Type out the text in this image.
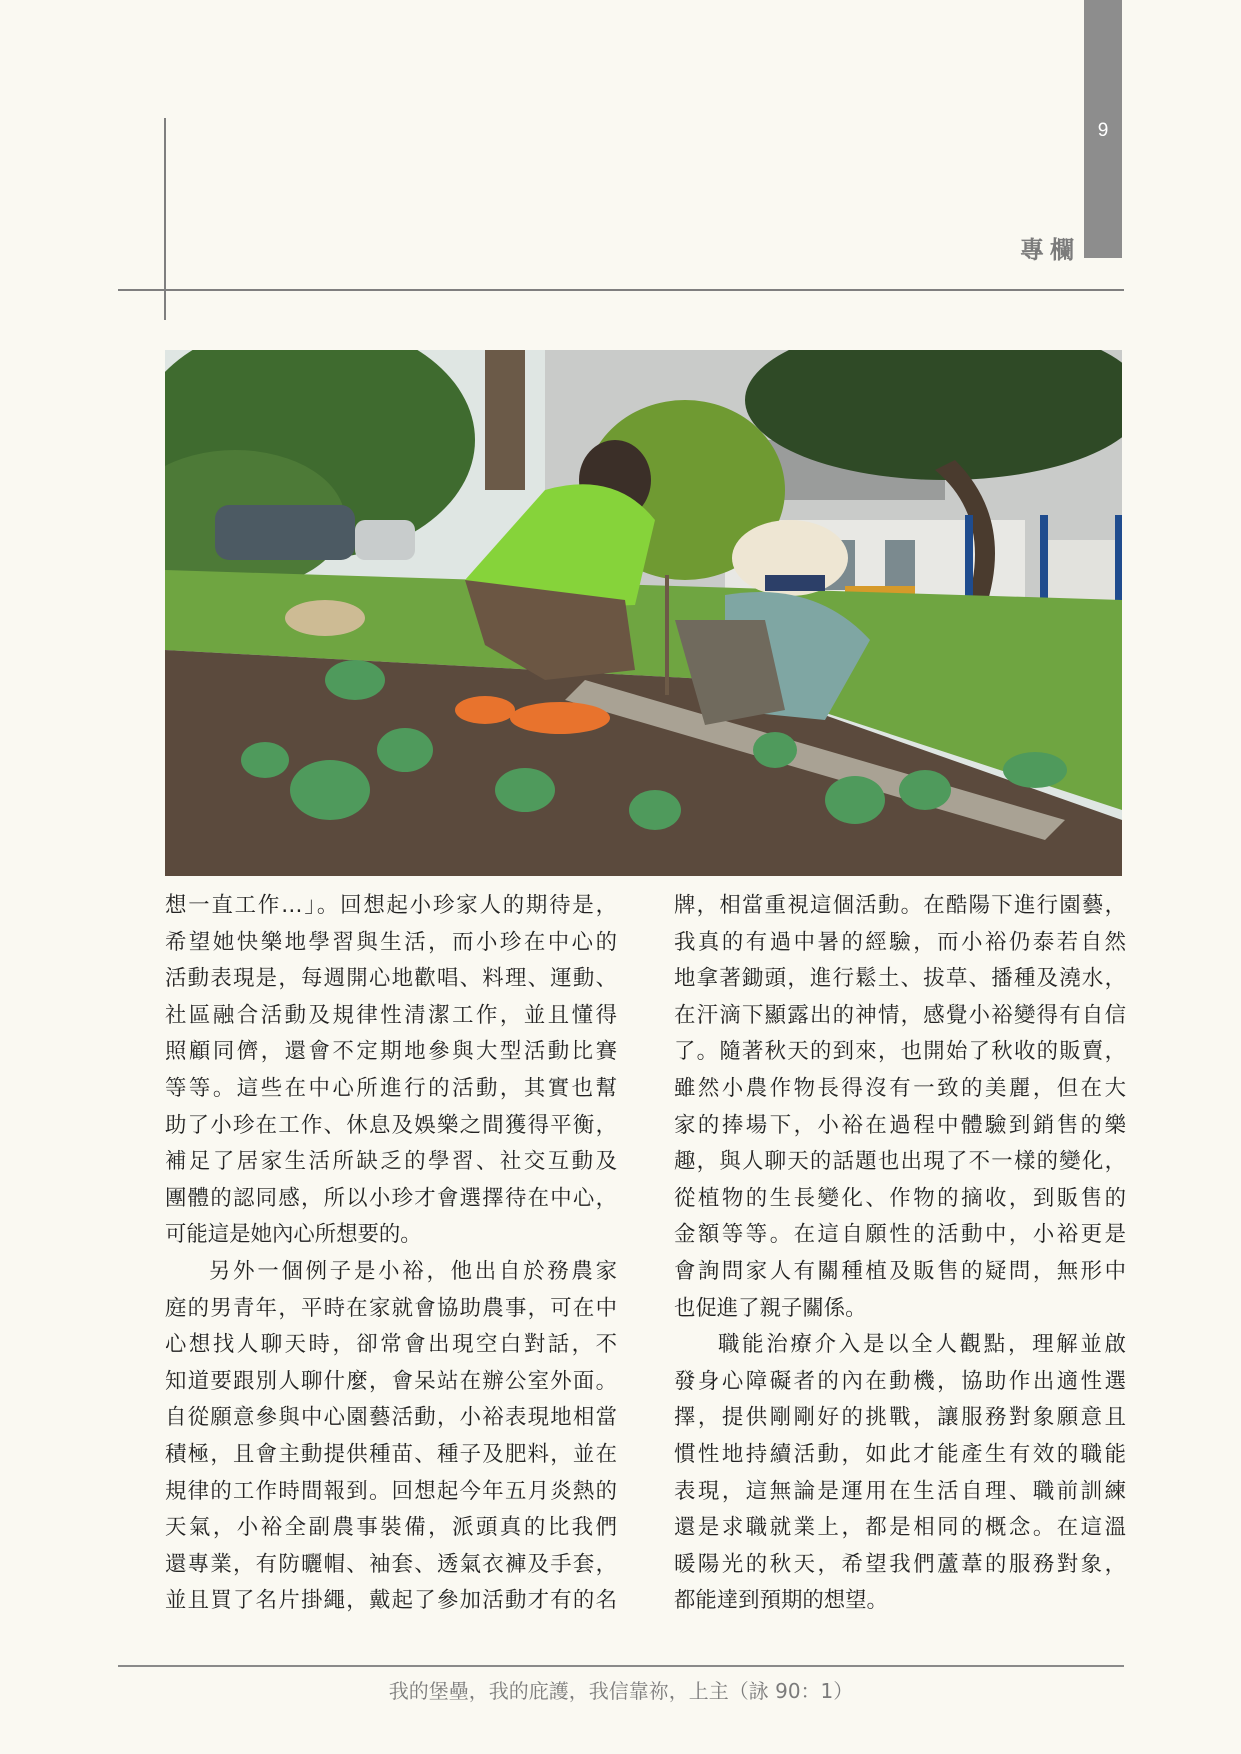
9
專欄
想一直工作…」。回想起小珍家人的期待是，
希望她快樂地學習與生活，而小珍在中心的
活動表現是，每週開心地歡唱、料理、運動、
社區融合活動及規律性清潔工作，並且懂得
照顧同儕，還會不定期地參與大型活動比賽
等等。這些在中心所進行的活動，其實也幫
助了小珍在工作、休息及娛樂之間獲得平衡，
補足了居家生活所缺乏的學習、社交互動及
團體的認同感，所以小珍才會選擇待在中心，
可能這是她內心所想要的。
另外一個例子是小裕，他出自於務農家
庭的男青年，平時在家就會協助農事，可在中
心想找人聊天時，卻常會出現空白對話，不
知道要跟別人聊什麼，會呆站在辦公室外面。
自從願意參與中心園藝活動，小裕表現地相當
積極，且會主動提供種苗、種子及肥料，並在
規律的工作時間報到。回想起今年五月炎熱的
天氣，小裕全副農事裝備，派頭真的比我們
還專業，有防曬帽、袖套、透氣衣褲及手套，
並且買了名片掛繩，戴起了參加活動才有的名
牌，相當重視這個活動。在酷陽下進行園藝，
我真的有過中暑的經驗，而小裕仍泰若自然
地拿著鋤頭，進行鬆土、拔草、播種及澆水，
在汗滴下顯露出的神情，感覺小裕變得有自信
了。隨著秋天的到來，也開始了秋收的販賣，
雖然小農作物長得沒有一致的美麗，但在大
家的捧場下，小裕在過程中體驗到銷售的樂
趣，與人聊天的話題也出現了不一樣的變化，
從植物的生長變化、作物的摘收，到販售的
金額等等。在這自願性的活動中，小裕更是
會詢問家人有關種植及販售的疑問，無形中
也促進了親子關係。
職能治療介入是以全人觀點，理解並啟
發身心障礙者的內在動機，協助作出適性選
擇，提供剛剛好的挑戰，讓服務對象願意且
慣性地持續活動，如此才能產生有效的職能
表現，這無論是運用在生活自理、職前訓練
還是求職就業上，都是相同的概念。在這溫
暖陽光的秋天，希望我們蘆葦的服務對象，
都能達到預期的想望。
我的堡壘，我的庇護，我信靠祢，上主（詠 90：1）
